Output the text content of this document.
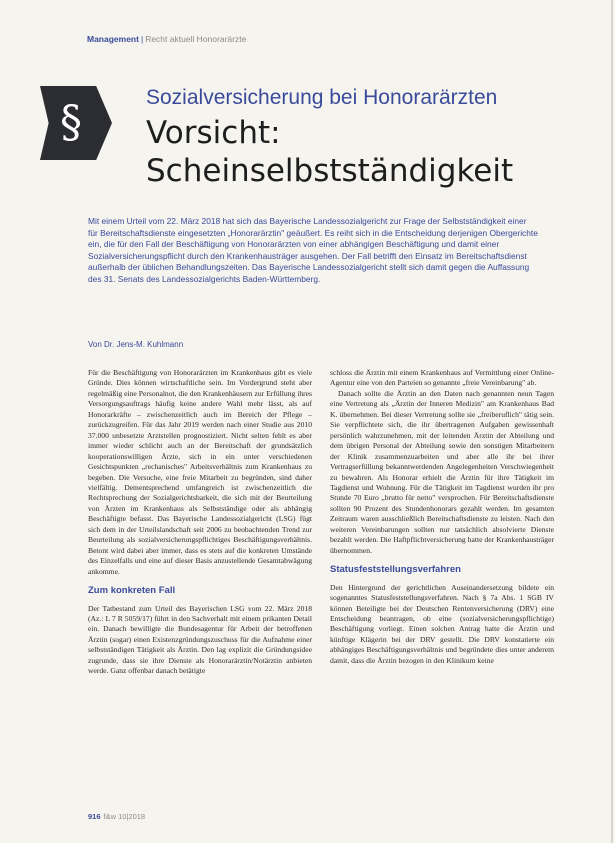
Management | Recht aktuell Honorarärzte
§	Sozialversicherung bei Honorarärzten
Vorsicht:
Scheinselbstständigkeit
Mit einem Urteil vom 22. März 2018 hat sich das Bayerische Landessozialgericht zur Frage der Selbstständigkeit einer für Bereitschaftsdienste eingesetzten „Honorarärztin" geäußert. Es reiht sich in die Entscheidung derjenigen Obergerichte ein, die für den Fall der Beschäftigung von Honorarärzten von einer abhängigen Beschäftigung und damit einer Sozialversicherungspflicht durch den Krankenhausträger ausgehen. Der Fall betrifft den Einsatz im Bereitschaftsdienst außerhalb der üblichen Behandlungszeiten. Das Bayerische Landessozialgericht stellt sich damit gegen die Auffassung des 31. Senats des Landessozialgerichts Baden-Württemberg.
Von Dr. Jens-M. Kuhlmann

Für die Beschäftigung von Honorarärzten im Krankenhaus gibt es viele Gründe. Dies können wirtschaftliche sein. Im Vordergrund steht aber regelmäßig eine Personalnot, die den Krankenhäusern zur Erfüllung ihres Versorgungsauftrags häufig keine andere Wahl mehr lässt, als auf Honorarkräfte – zwischenzeitlich auch im Bereich der Pflege – zurückzugreifen. Für das Jahr 2019 werden nach einer Studie aus 2010 37.000 unbesetzte Arztstellen prognostiziert. Nicht selten fehlt es aber immer wieder schlicht auch an der Bereitschaft der grundsätzlich kooperationswilligen Ärzte, sich in ein unter verschiedenen Gesichtspunkten „rechanisches" Arbeitsverhältnis zum Krankenhaus zu begeben. Die Versuche, eine freie Mitarbeit zu begründen, sind daher vielfältig. Dementsprechend umfangreich ist zwischenzeitlich die Rechtsprechung der Sozialgerichtsbarkeit, die sich mit der Beurteilung von Ärzten im Krankenhaus als Selbstständige oder als abhängig Beschäftigte befasst. Das Bayerische Landessozialgericht (LSG) fügt sich dem in der Urteilslandschaft seit 2006 zu beobachtenden Trend zur Beurteilung als sozialversicherungspflichtiges Beschäftigungsverhältnis. Betont wird dabei aber immer, dass es stets auf die konkreten Umstände des Einzelfalls und eine auf dieser Basis anzustellende Gesamtabwägung ankomme.

Zum konkreten Fall

Der Tatbestand zum Urteil des Bayerischen LSG vom 22. März 2018 (Az.: L 7 R 5059/17) führt in den Sachverhalt mit einem prikanten Detail ein. Danach bewilligte die Bundesagentur für Arbeit der betroffenen Ärztin (sogar) einen Existenzgründungszuschuss für die Aufnahme einer selbstständigen Tätigkeit als Ärztin. Den lag explizit die Gründungsidee zugrunde, dass sie ihre Dienste als Honorarärztin/Notärztin anbieten werde. Ganz offenbar danach betätigte

schloss die Ärztin mit einem Krankenhaus auf Vermittlung einer Online-Agentur eine von den Parteien so genannte „freie Vereinbarung" ab.

Danach sollte die Ärztin an den Daten nach genannten neun Tagen eine Vertretung als „Ärztin der Inneren Medizin" am Krankenhaus Bad K. übernehmen. Bei dieser Vertretung sollte sie „freiberuflich" tätig sein. Sie verpflichtete sich, die ihr übertragenen Aufgaben gewissenhaft persönlich wahrzunehmen, mit der leitenden Ärztin der Abteilung und dem übrigen Personal der Abteilung sowie den sonstigen Mitarbeitern der Klinik zusammenzuarbeiten und aber alle ihr bei ihrer Vertragserfüllung bekanntwerdenden Angelegenheiten Verschwiegenheit zu bewahren. Als Honorar erhielt die Ärztin für ihre Tätigkeit im Tagdienst und Wohnung. Für die Tätigkeit im Tagdienst wurden ihr pro Stunde 70 Euro „brutto für netto" versprochen. Für Bereitschaftsdienste sollten 90 Prozent des Stundenhonorars gezahlt werden. Im gesamten Zeitraum waren ausschließlich Bereitschaftsdienste zu leisten. Nach den weiteren Vereinbarungen sollten nur tatsächlich absolvierte Dienste bezahlt werden. Die Haftpflichtversicherung hatte der Krankenhausträger übernommen.

Statusfeststellungsverfahren

Den Hintergrund der gerichtlichen Auseinandersetzung bildete ein sogenanntes Statusfeststellungsverfahren. Nach § 7a Abs. 1 SGB IV können Beteiligte bei der Deutschen Rentenversicherung (DRV) eine Entscheidung beantragen, ob eine (sozialversicherungspflichtige) Beschäftigung vorliegt. Einen solchen Antrag hatte die Ärztin und künftige Klägerin bei der DRV gestellt. Die DRV konstatierte ein abhängiges Beschäftigungsverhältnis und begründete dies unter anderem damit, dass die Ärztin bezogen in den Klinikum keine

916 f&w 10|2018
